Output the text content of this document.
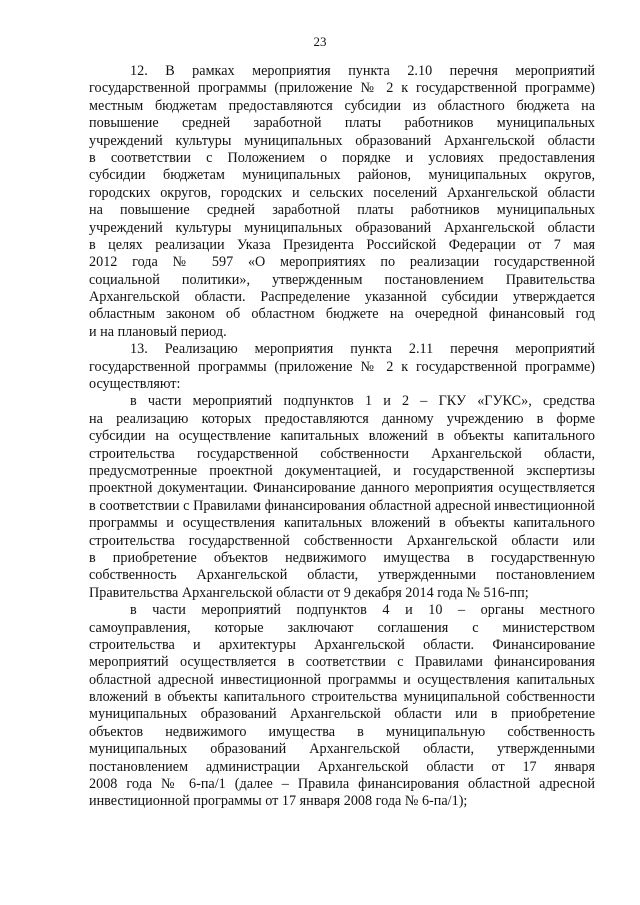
23
12. В рамках мероприятия пункта 2.10 перечня мероприятий
государственной программы (приложение № 2 к государственной программе)
местным бюджетам предоставляются субсидии из областного бюджета на
повышение средней заработной платы работников муниципальных
учреждений культуры муниципальных образований Архангельской области
в соответствии с Положением о порядке и условиях предоставления
субсидии бюджетам муниципальных районов, муниципальных округов,
городских округов, городских и сельских поселений Архангельской области
на повышение средней заработной платы работников муниципальных
учреждений культуры муниципальных образований Архангельской области
в целях реализации Указа Президента Российской Федерации от 7 мая
2012 года № 597 «О мероприятиях по реализации государственной
социальной политики», утвержденным постановлением Правительства
Архангельской области. Распределение указанной субсидии утверждается
областным законом об областном бюджете на очередной финансовый год
и на плановый период.
13. Реализацию мероприятия пункта 2.11 перечня мероприятий
государственной программы (приложение № 2 к государственной программе)
осуществляют:
в части мероприятий подпунктов 1 и 2 – ГКУ «ГУКС», средства
на реализацию которых предоставляются данному учреждению в форме
субсидии на осуществление капитальных вложений в объекты капитального
строительства государственной собственности Архангельской области,
предусмотренные проектной документацией, и государственной экспертизы
проектной документации. Финансирование данного мероприятия осуществляется
в соответствии с Правилами финансирования областной адресной инвестиционной
программы и осуществления капитальных вложений в объекты капитального
строительства государственной собственности Архангельской области или
в приобретение объектов недвижимого имущества в государственную
собственность Архангельской области, утвержденными постановлением
Правительства Архангельской области от 9 декабря 2014 года № 516-пп;
в части мероприятий подпунктов 4 и 10 – органы местного
самоуправления, которые заключают соглашения с министерством
строительства и архитектуры Архангельской области. Финансирование
мероприятий осуществляется в соответствии с Правилами финансирования
областной адресной инвестиционной программы и осуществления капитальных
вложений в объекты капитального строительства муниципальной собственности
муниципальных образований Архангельской области или в приобретение
объектов недвижимого имущества в муниципальную собственность
муниципальных образований Архангельской области, утвержденными
постановлением администрации Архангельской области от 17 января
2008 года № 6-па/1 (далее – Правила финансирования областной адресной
инвестиционной программы от 17 января 2008 года № 6-па/1);
